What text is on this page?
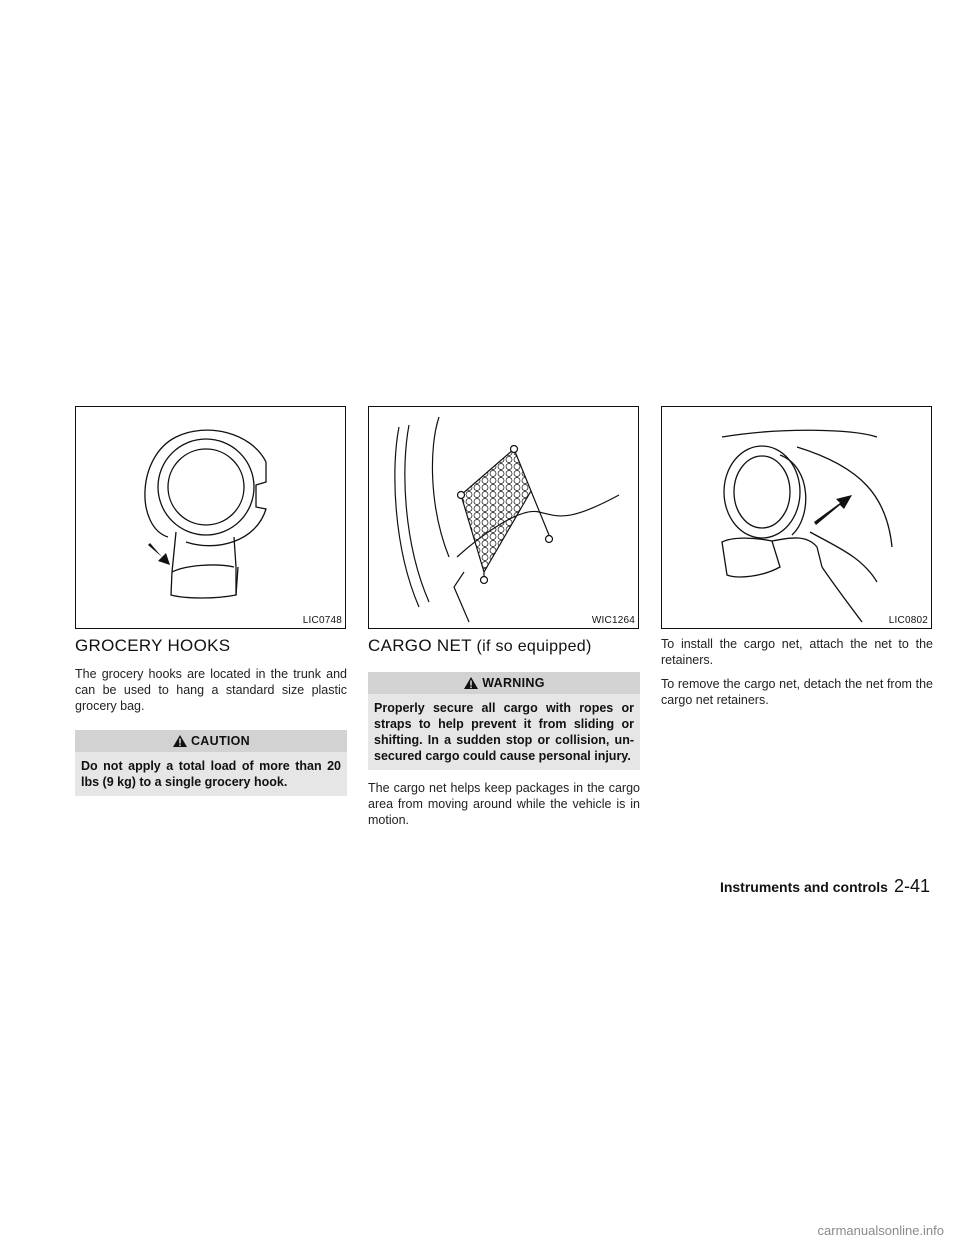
LIC0748	WIC1264	LIC0802
GROCERY HOOKS

The grocery hooks are located in the trunk and can be used to hang a standard size plastic grocery bag.

CAUTION
Do not apply a total load of more than 20 lbs (9 kg) to a single grocery hook.
CARGO NET (if so equipped)
WARNING
Properly secure all cargo with ropes or straps to help prevent it from sliding or shifting. In a sudden stop or collision, un-secured cargo could cause personal injury.

The cargo net helps keep packages in the cargo area from moving around while the vehicle is in motion.

To install the cargo net, attach the net to the retainers.

To remove the cargo net, detach the net from the cargo net retainers.

Instruments and controls 2-41
carmanualsonline.info
